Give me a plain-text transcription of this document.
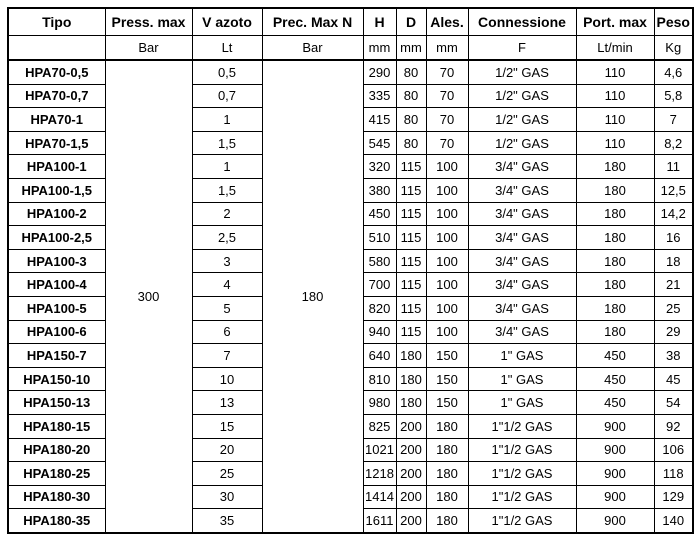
Tipo	Press. max	V azoto	Prec. Max N	H	D	Ales.	Connessione	Port. max	Peso
	Bar	Lt	Bar	mm	mm	mm	F	Lt/min	Kg
HPA70-0,5	300	0,5	180	290	80	70	1/2" GAS	110	4,6
HPA70-0,7		0,7		335	80	70	1/2" GAS	110	5,8
HPA70-1		1		415	80	70	1/2" GAS	110	7
HPA70-1,5		1,5		545	80	70	1/2" GAS	110	8,2
HPA100-1		1		320	115	100	3/4" GAS	180	11
HPA100-1,5		1,5		380	115	100	3/4" GAS	180	12,5
HPA100-2		2		450	115	100	3/4" GAS	180	14,2
HPA100-2,5		2,5		510	115	100	3/4" GAS	180	16
HPA100-3		3		580	115	100	3/4" GAS	180	18
HPA100-4		4		700	115	100	3/4" GAS	180	21
HPA100-5		5		820	115	100	3/4" GAS	180	25
HPA100-6		6		940	115	100	3/4" GAS	180	29
HPA150-7		7		640	180	150	1" GAS	450	38
HPA150-10		10		810	180	150	1" GAS	450	45
HPA150-13		13		980	180	150	1" GAS	450	54
HPA180-15		15		825	200	180	1"1/2 GAS	900	92
HPA180-20		20		1021	200	180	1"1/2 GAS	900	106
HPA180-25		25		1218	200	180	1"1/2 GAS	900	118
HPA180-30		30		1414	200	180	1"1/2 GAS	900	129
HPA180-35		35		1611	200	180	1"1/2 GAS	900	140
